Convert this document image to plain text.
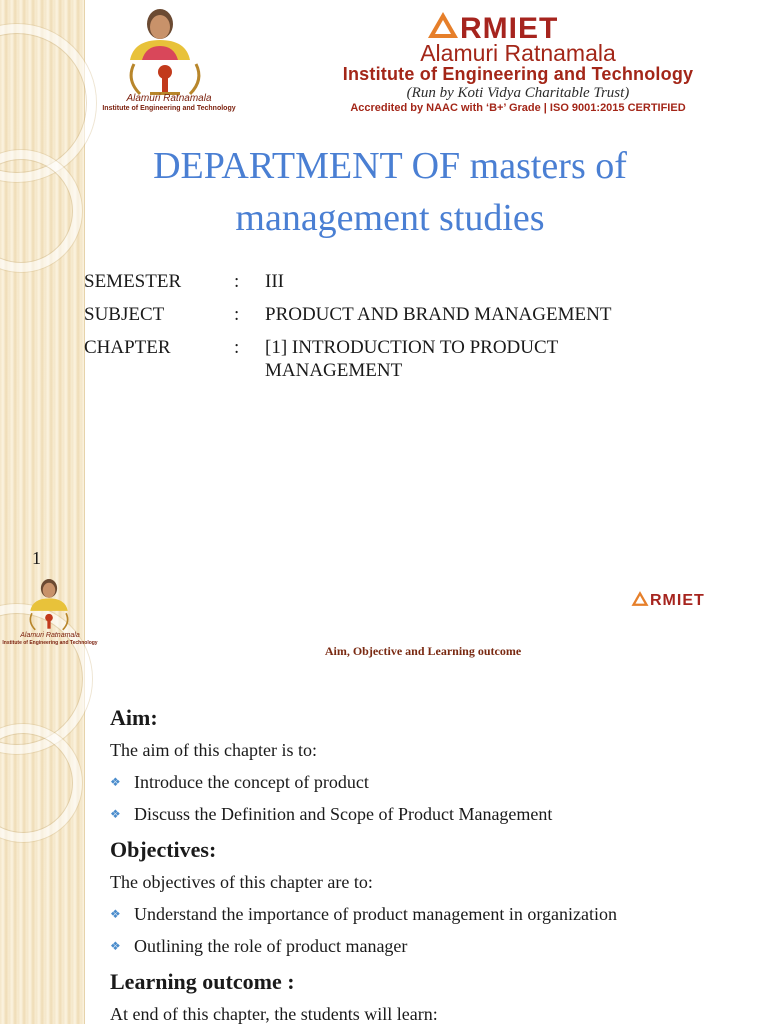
Alamuri Ratnamala
Institute of Engineering and Technology
RMIET
Alamuri Ratnamala
Institute of Engineering and Technology
(Run by Koti Vidya Charitable Trust)
Accredited by NAAC with ‘B+’ Grade | ISO 9001:2015 CERTIFIED
DEPARTMENT OF masters of
management studies
SEMESTER	:	III
SUBJECT	:	PRODUCT AND BRAND MANAGEMENT
CHAPTER	:	[1] INTRODUCTION TO PRODUCT MANAGEMENT
1
Alamuri Ratnamala
Institute of Engineering and Technology
RMIET
Aim, Objective and Learning outcome
Aim:

The aim of this chapter is to:

❖ Introduce the concept of product
❖ Discuss the Definition and Scope of Product Management
Objectives:

The objectives of this chapter are to:

❖ Understand the importance of product management in organization
❖ Outlining the role of product manager
Learning outcome :

At end of this chapter, the students will learn:
